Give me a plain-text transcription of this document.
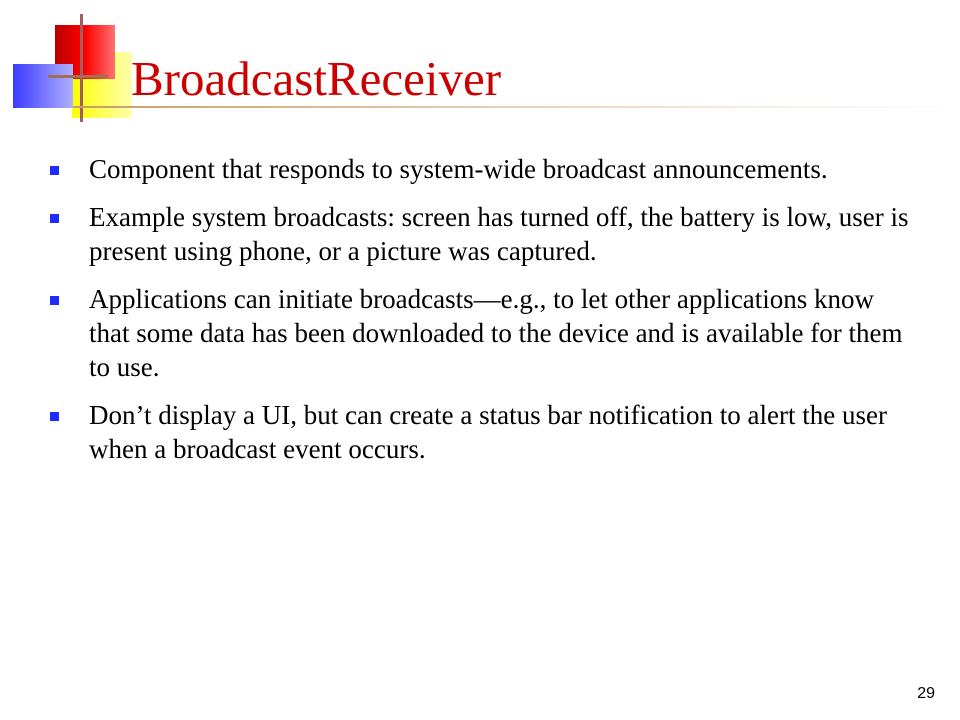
BroadcastReceiver
Component that responds to system-wide broadcast announcements.
Example system broadcasts: screen has turned off, the battery is low, user is present using phone, or a picture was captured.
Applications can initiate broadcasts—e.g., to let other applications know that some data has been downloaded to the device and is available for them to use.
Don’t display a UI, but can create a status bar notification to alert the user when a broadcast event occurs.
29
